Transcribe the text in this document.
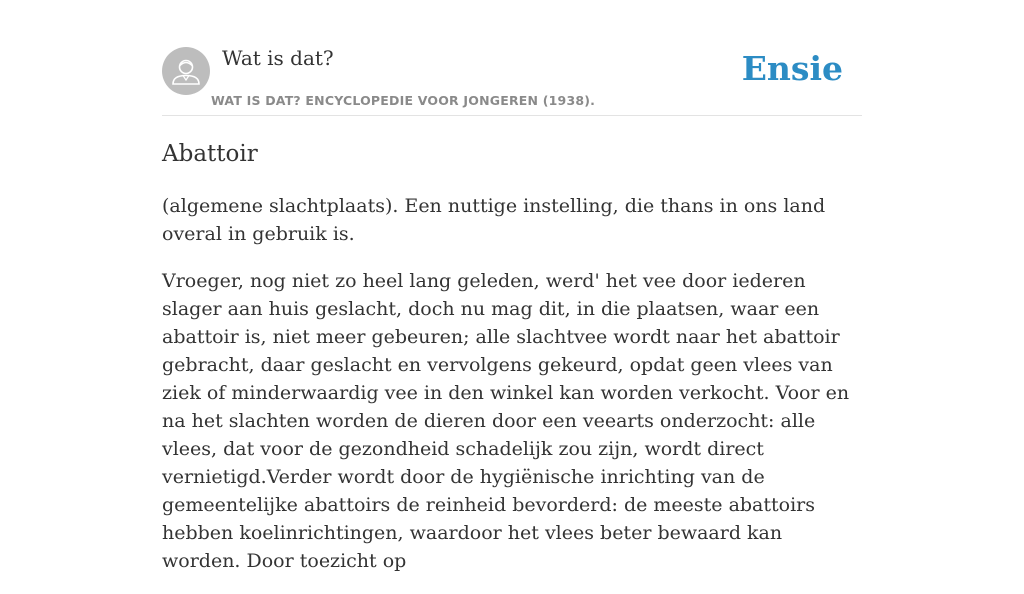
Wat is dat?
WAT IS DAT? ENCYCLOPEDIE VOOR JONGEREN (1938).
Ensie
Abattoir

(algemene slachtplaats). Een nuttige instelling, die thans in ons land overal in gebruik is.

Vroeger, nog niet zo heel lang geleden, werd' het vee door iederen slager aan huis geslacht, doch nu mag dit, in die plaatsen, waar een abattoir is, niet meer gebeuren; alle slachtvee wordt naar het abattoir gebracht, daar geslacht en vervolgens gekeurd, opdat geen vlees van ziek of minderwaardig vee in den winkel kan worden verkocht. Voor en na het slachten worden de dieren door een veearts onderzocht: alle vlees, dat voor de gezondheid schadelijk zou zijn, wordt direct vernietigd.Verder wordt door de hygiënische inrichting van de gemeentelijke abattoirs de reinheid bevorderd: de meeste abattoirs hebben koelinrichtingen, waardoor het vlees beter bewaard kan worden. Door toezicht op
